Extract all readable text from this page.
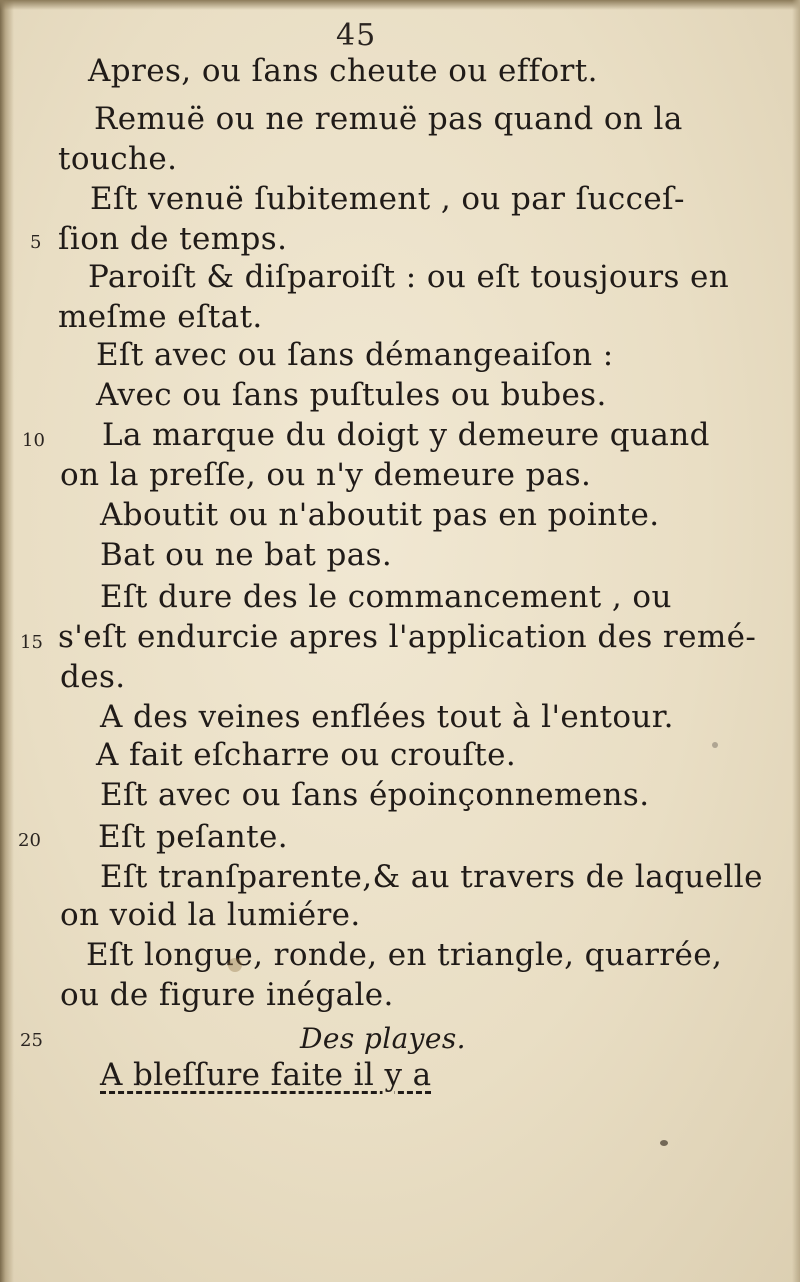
45
Apres, ou ſans cheute ou effort.
Remuë ou ne remuë pas quand on la
touche.
Eſt venuë ſubitement , ou par ſucceſ-
ſion de temps.
Paroiſt & diſparoiſt : ou eſt tousjours en
meſme eſtat.
Eſt avec ou ſans démangeaiſon :
Avec ou ſans puſtules ou bubes.
La marque du doigt y demeure quand
on la preſſe, ou n'y demeure pas.
Aboutit ou n'aboutit pas en pointe.
Bat ou ne bat pas.
Eſt dure des le commancement , ou
s'eſt endurcie apres l'application des remé-
des.
A des veines enflées tout à l'entour.
A fait eſcharre ou crouſte.
Eſt avec ou ſans époinçonnemens.
Eſt peſante.
Eſt tranſparente,& au travers de laquelle
on void la lumiére.
Eſt longue, ronde, en triangle, quarrée,
ou de figure inégale.
Des playes.
A bleſſure faite il y a
5
10
15
20
25
